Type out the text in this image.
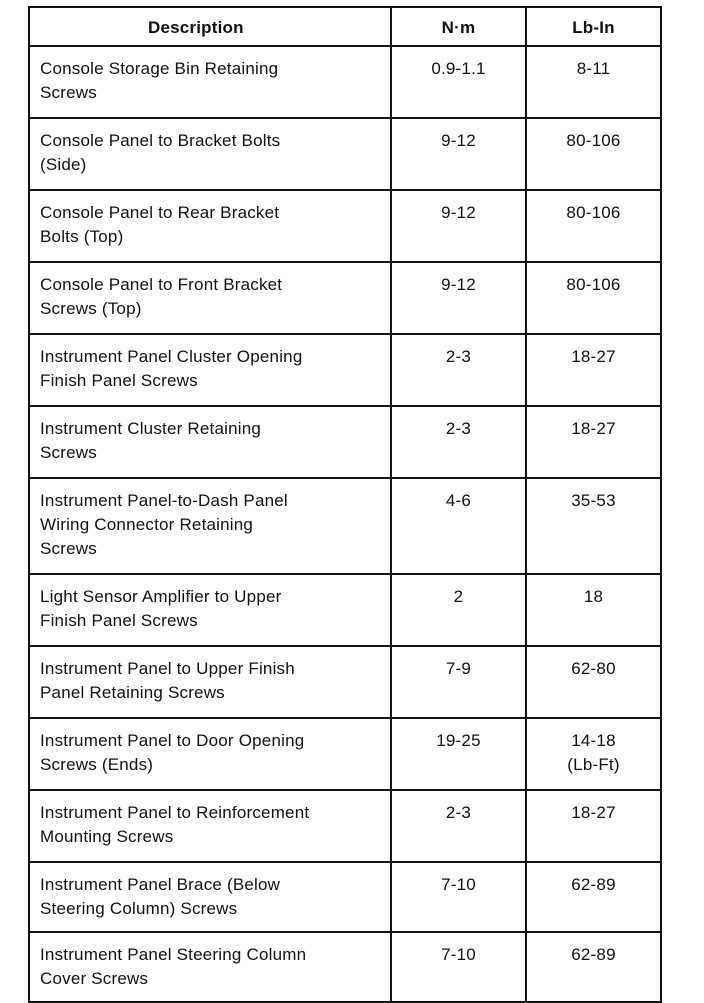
Description	N·m	Lb-In

Console Storage Bin Retaining
Screws	0.9-1.1	8-11

Console Panel to Bracket Bolts
(Side)	9-12	80-106

Console Panel to Rear Bracket
Bolts (Top)	9-12	80-106

Console Panel to Front Bracket
Screws (Top)	9-12	80-106

Instrument Panel Cluster Opening
Finish Panel Screws	2-3	18-27

Instrument Cluster Retaining
Screws	2-3	18-27

Instrument Panel-to-Dash Panel
Wiring Connector Retaining
Screws	4-6	35-53

Light Sensor Amplifier to Upper
Finish Panel Screws	2	18

Instrument Panel to Upper Finish
Panel Retaining Screws	7-9	62-80

Instrument Panel to Door Opening
Screws (Ends)	19-25	14-18
(Lb-Ft)

Instrument Panel to Reinforcement
Mounting Screws	2-3	18-27

Instrument Panel Brace (Below
Steering Column) Screws	7-10	62-89

Instrument Panel Steering Column
Cover Screws	7-10	62-89
